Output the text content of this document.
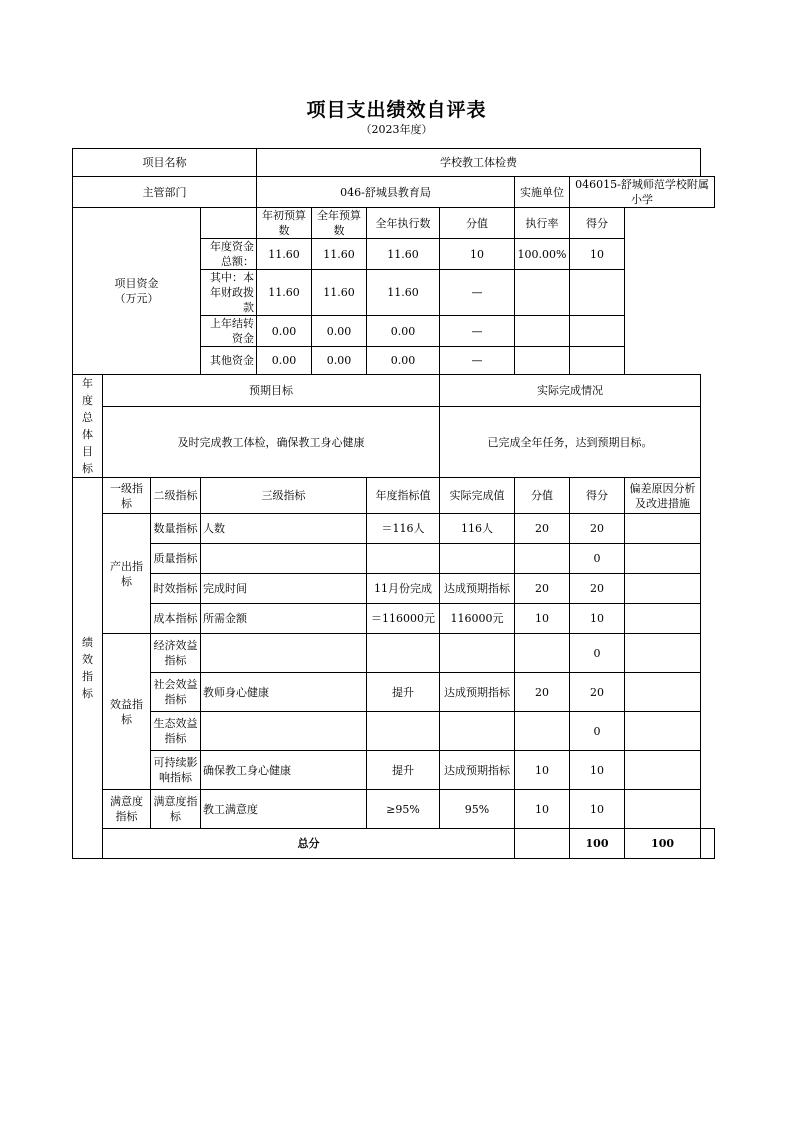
项目支出绩效自评表
（2023年度）
项目名称				学校教工体检费							
主管部门				046-舒城县教育局				实施单位	046015-舒城师范学校附属小学		
项目资金
（万元）				年初预算数	全年预算数	全年执行数	分值	执行率	得分		
			年度资金总额：	11.60	11.60	11.60	10	100.00%	10		
			其中：本年财政拨款	11.60	11.60	11.60	—				
			上年结转资金	0.00	0.00	0.00	—				
			其他资金	0.00	0.00	0.00	—				
年度总体目标	预期目标						实际完成情况				
	及时完成教工体检，确保教工身心健康						已完成全年任务，达到预期目标。				
绩效指标	一级指标	二级指标	三级指标			年度指标值	实际完成值	分值	得分	偏差原因分析及改进措施	
	产出指标	数量指标	人数			＝116人	116人	20	20		
		质量指标							0		
		时效指标	完成时间			11月份完成	达成预期指标	20	20		
		成本指标	所需金额			＝116000元	116000元	10	10		
	效益指标	经济效益指标							0		
		社会效益指标	教师身心健康			提升	达成预期指标	20	20		
		生态效益指标							0		
		可持续影响指标	确保教工身心健康			提升	达成预期指标	10	10		
	满意度指标	满意度指标	教工满意度			≥95%	95%	10	10		
	总分								100	100	
